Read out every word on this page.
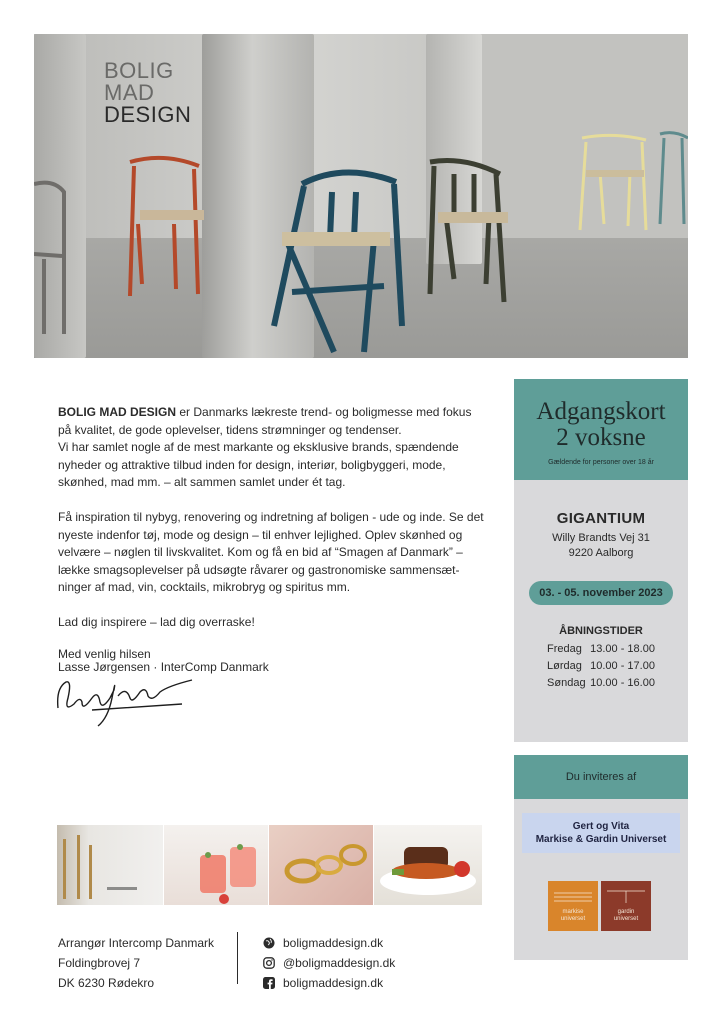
BOLIG
MAD
DESIGN

BOLIG MAD DESIGN er Danmarks lækreste trend- og boligmesse med fokus på kvalitet, de gode oplevelser, tidens strømninger og tendenser.
Vi har samlet nogle af de mest markante og eksklusive brands, spændende nyheder og attraktive tilbud inden for design, interiør, boligbyggeri, mode, skønhed, mad mm. – alt sammen samlet under ét tag.

Få inspiration til nybyg, renovering og indretning af boligen - ude og inde. Se det nyeste indenfor tøj, mode og design – til enhver lejlighed. Oplev skønhed og velvære – nøglen til livskvalitet. Kom og få en bid af “Smagen af Danmark” – lække smagsoplevelser på udsøgte råvarer og gastronomiske sammensæt-ninger af mad, vin, cocktails, mikrobryg og spiritus mm.

Lad dig inspirere – lad dig overraske!

Med venlig hilsen
Lasse Jørgensen · InterComp Danmark
Adgangskort
2 voksne
Gældende for personer over 18 år
GIGANTIUM
Willy Brandts Vej 31
9220 Aalborg
03. - 05. november 2023
ÅBNINGSTIDER
Fredag 13.00 - 18.00
Lørdag 10.00 - 17.00
Søndag 10.00 - 16.00
Du inviteres af
Gert og Vita
Markise & Gardin Universet
markise
universet
gardin
universet
Arrangør Intercomp Danmark
Foldingbrovej 7
DK 6230 Rødekro
boligmaddesign.dk
@boligmaddesign.dk
boligmaddesign.dk
